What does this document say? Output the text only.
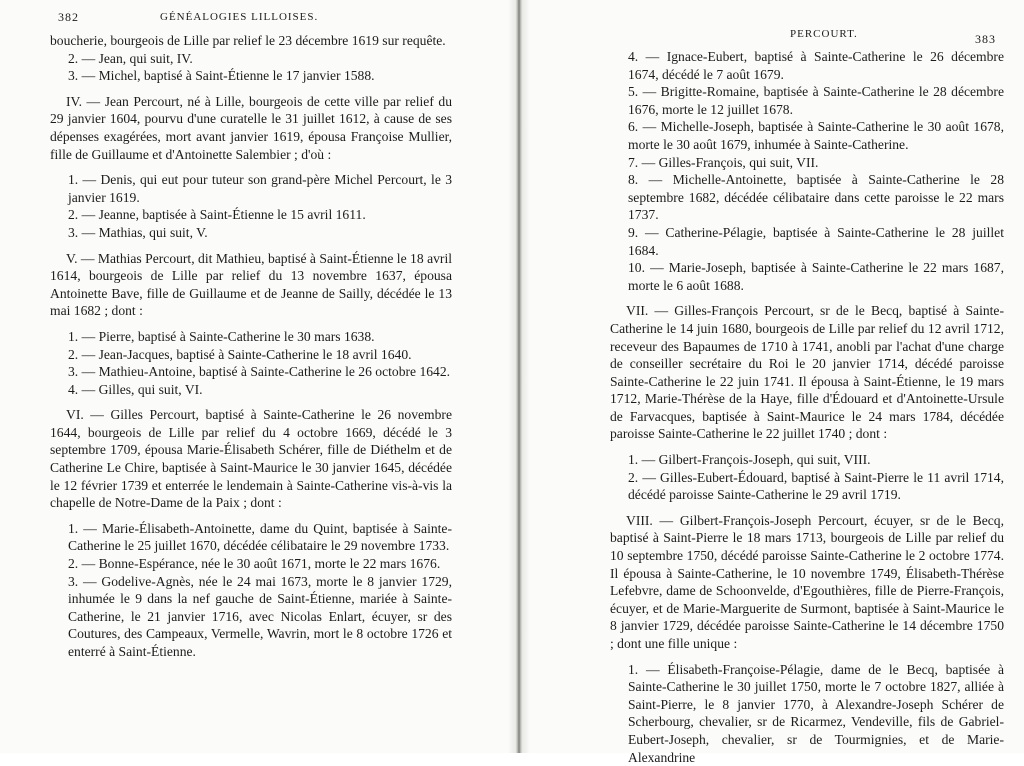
382	GÉNÉALOGIES LILLOISES.

boucherie, bourgeois de Lille par relief le 23 décembre 1619 sur requête.

2. — Jean, qui suit, IV.

3. — Michel, baptisé à Saint-Étienne le 17 janvier 1588.

IV. — Jean Percourt, né à Lille, bourgeois de cette ville par relief du 29 janvier 1604, pourvu d'une curatelle le 31 juillet 1612, à cause de ses dépenses exagérées, mort avant janvier 1619, épousa Françoise Mullier, fille de Guillaume et d'Antoinette Salembier ; d'où :

1. — Denis, qui eut pour tuteur son grand-père Michel Percourt, le 3 janvier 1619.

2. — Jeanne, baptisée à Saint-Étienne le 15 avril 1611.

3. — Mathias, qui suit, V.

V. — Mathias Percourt, dit Mathieu, baptisé à Saint-Étienne le 18 avril 1614, bourgeois de Lille par relief du 13 novembre 1637, épousa Antoinette Bave, fille de Guillaume et de Jeanne de Sailly, décédée le 13 mai 1682 ; dont :

1. — Pierre, baptisé à Sainte-Catherine le 30 mars 1638.

2. — Jean-Jacques, baptisé à Sainte-Catherine le 18 avril 1640.

3. — Mathieu-Antoine, baptisé à Sainte-Catherine le 26 octobre 1642.

4. — Gilles, qui suit, VI.

VI. — Gilles Percourt, baptisé à Sainte-Catherine le 26 novembre 1644, bourgeois de Lille par relief du 4 octobre 1669, décédé le 3 septembre 1709, épousa Marie-Élisabeth Schérer, fille de Diéthelm et de Catherine Le Chire, baptisée à Saint-Maurice le 30 janvier 1645, décédée le 12 février 1739 et enterrée le lendemain à Sainte-Catherine vis-à-vis la chapelle de Notre-Dame de la Paix ; dont :

1. — Marie-Élisabeth-Antoinette, dame du Quint, baptisée à Sainte-Catherine le 25 juillet 1670, décédée célibataire le 29 novembre 1733.

2. — Bonne-Espérance, née le 30 août 1671, morte le 22 mars 1676.

3. — Godelive-Agnès, née le 24 mai 1673, morte le 8 janvier 1729, inhumée le 9 dans la nef gauche de Saint-Étienne, mariée à Sainte-Catherine, le 21 janvier 1716, avec Nicolas Enlart, écuyer, sr des Coutures, des Campeaux, Vermelle, Wavrin, mort le 8 octobre 1726 et enterré à Saint-Étienne.

PERCOURT.	383

4. — Ignace-Eubert, baptisé à Sainte-Catherine le 26 décembre 1674, décédé le 7 août 1679.

5. — Brigitte-Romaine, baptisée à Sainte-Catherine le 28 décembre 1676, morte le 12 juillet 1678.

6. — Michelle-Joseph, baptisée à Sainte-Catherine le 30 août 1678, morte le 30 août 1679, inhumée à Sainte-Catherine.

7. — Gilles-François, qui suit, VII.

8. — Michelle-Antoinette, baptisée à Sainte-Catherine le 28 septembre 1682, décédée célibataire dans cette paroisse le 22 mars 1737.

9. — Catherine-Pélagie, baptisée à Sainte-Catherine le 28 juillet 1684.

10. — Marie-Joseph, baptisée à Sainte-Catherine le 22 mars 1687, morte le 6 août 1688.

VII. — Gilles-François Percourt, sr de le Becq, baptisé à Sainte-Catherine le 14 juin 1680, bourgeois de Lille par relief du 12 avril 1712, receveur des Bapaumes de 1710 à 1741, anobli par l'achat d'une charge de conseiller secrétaire du Roi le 20 janvier 1714, décédé paroisse Sainte-Catherine le 22 juin 1741. Il épousa à Saint-Étienne, le 19 mars 1712, Marie-Thérèse de la Haye, fille d'Édouard et d'Antoinette-Ursule de Farvacques, baptisée à Saint-Maurice le 24 mars 1784, décédée paroisse Sainte-Catherine le 22 juillet 1740 ; dont :

1. — Gilbert-François-Joseph, qui suit, VIII.

2. — Gilles-Eubert-Édouard, baptisé à Saint-Pierre le 11 avril 1714, décédé paroisse Sainte-Catherine le 29 avril 1719.

VIII. — Gilbert-François-Joseph Percourt, écuyer, sr de le Becq, baptisé à Saint-Pierre le 18 mars 1713, bourgeois de Lille par relief du 10 septembre 1750, décédé paroisse Sainte-Catherine le 2 octobre 1774. Il épousa à Sainte-Catherine, le 10 novembre 1749, Élisabeth-Thérèse Lefebvre, dame de Schoonvelde, d'Egouthières, fille de Pierre-François, écuyer, et de Marie-Marguerite de Surmont, baptisée à Saint-Maurice le 8 janvier 1729, décédée paroisse Sainte-Catherine le 14 décembre 1750 ; dont une fille unique :

1. — Élisabeth-Françoise-Pélagie, dame de le Becq, baptisée à Sainte-Catherine le 30 juillet 1750, morte le 7 octobre 1827, alliée à Saint-Pierre, le 8 janvier 1770, à Alexandre-Joseph Schérer de Scherbourg, chevalier, sr de Ricarmez, Vendeville, fils de Gabriel-Eubert-Joseph, chevalier, sr de Tourmignies, et de Marie-Alexandrine
